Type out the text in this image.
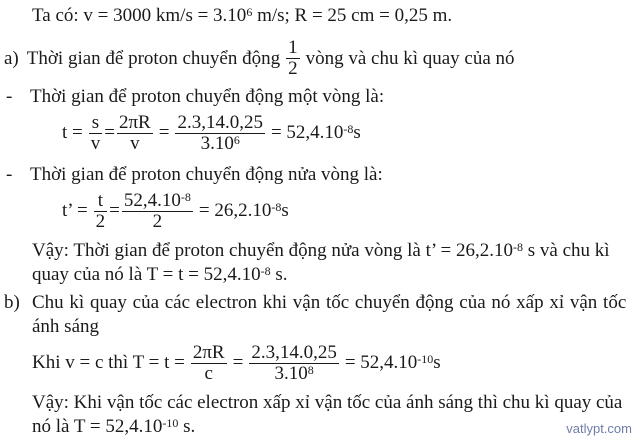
Ta có: v = 3000 $km/s = 3.10^6$ m/s; R = 25 cm = 0,25 m.
a) Thời gian để proton chuyển động $\frac{1}{2}$ vòng và chu kì quay của nó
- Thời gian để proton chuyển động một vòng là:
$t = \frac{s}{v} = \frac{2\pi R}{v} = \frac{2.3,14.0,25}{3.10^6} = 52,4.10^{-8}$ s
- Thời gian để proton chuyển động nửa vòng là:
t’ = $\frac{t}{2} = \frac{52,4.10^{-8}}{2} = 26,2.10^{-8}$ s
Vậy: Thời gian để proton chuyển động nửa vòng là t’ = $26,2.10^{-8}$ s và chu kì
quay của nó là $T = t = 52,4.10^{-8}$ s.
b) Chu kì quay của các electron khi vận tốc chuyển động của nó xấp xỉ vận tốc
ánh sáng
Khi v = c thì $T = t = \frac{2\pi R}{c} = \frac{2.3,14.0,25}{3.10^8} = 52,4.10^{-10}$ s
Vậy: Khi vận tốc các electron xấp xỉ vận tốc của ánh sáng thì chu kì quay của
nó là $T = 52,4.10^{-10}$ s.	vatlypt.com
